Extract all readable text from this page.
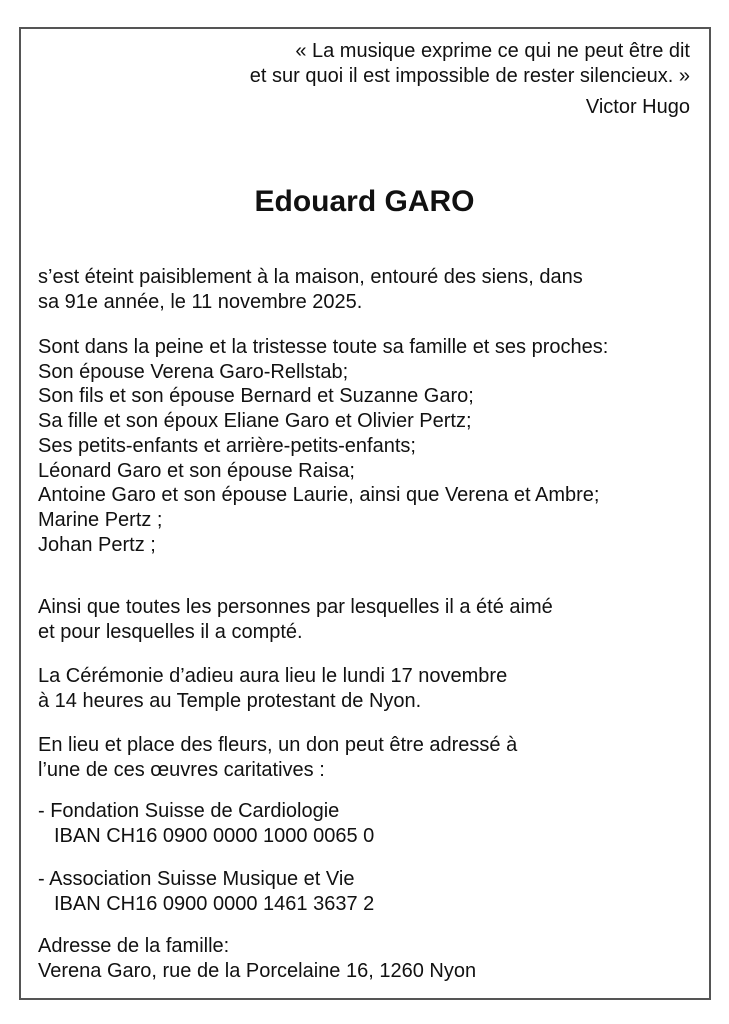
« La musique exprime ce qui ne peut être dit
et sur quoi il est impossible de rester silencieux. »
Victor Hugo
Edouard GARO
s’est éteint paisiblement à la maison, entouré des siens, dans
sa 91e année, le 11 novembre 2025.
Sont dans la peine et la tristesse toute sa famille et ses proches:
Son épouse Verena Garo-Rellstab;
Son fils et son épouse Bernard et Suzanne Garo;
Sa fille et son époux Eliane Garo et Olivier Pertz;
Ses petits-enfants et arrière-petits-enfants;
Léonard Garo et son épouse Raisa;
Antoine Garo et son épouse Laurie, ainsi que Verena et Ambre;
Marine Pertz ;
Johan Pertz ;
Ainsi que toutes les personnes par lesquelles il a été aimé
et pour lesquelles il a compté.
La Cérémonie d’adieu aura lieu le lundi 17 novembre
à 14 heures au Temple protestant de Nyon.
En lieu et place des fleurs, un don peut être adressé à
l’une de ces œuvres caritatives :
- Fondation Suisse de Cardiologie
IBAN CH16 0900 0000 1000 0065 0
- Association Suisse Musique et Vie
IBAN CH16 0900 0000 1461 3637 2
Adresse de la famille:
Verena Garo, rue de la Porcelaine 16, 1260 Nyon
